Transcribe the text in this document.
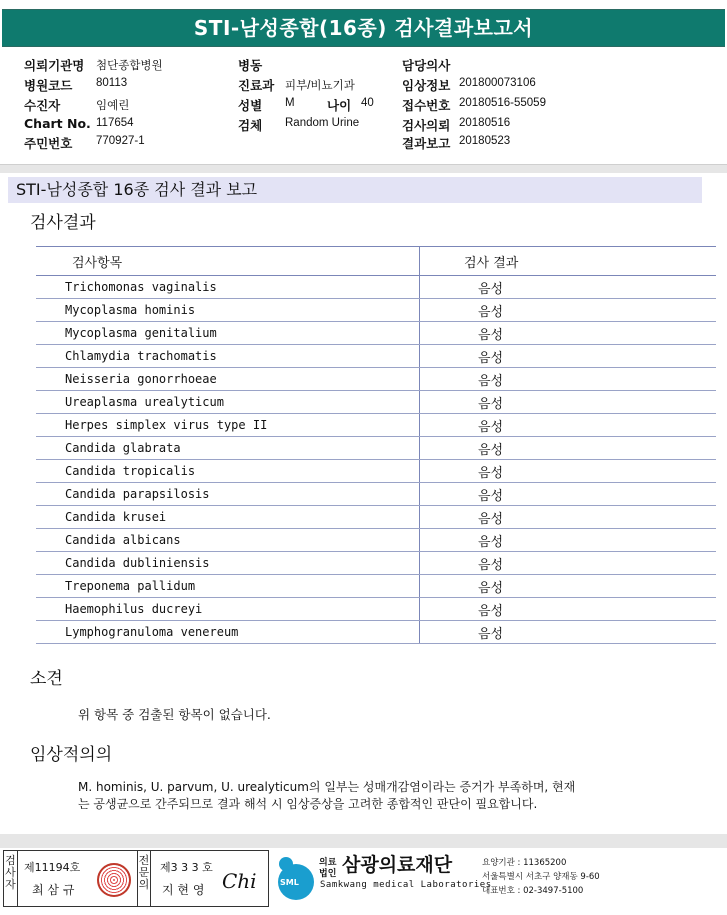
STI-남성종합(16종) 검사결과보고서
의뢰기관명 첨단종합병원
병원코드 80113
수진자	임예린
Chart No. 117654
주민번호 770927-1
병동
진료과 피부/비뇨기과
성별 M	나이 40
검체 Random Urine
담당의사
임상정보 201800073106
접수번호 20180516-55059
검사의뢰 20180516
결과보고 20180523
STI-남성종합 16종 검사 결과 보고
검사결과
검사항목	검사 결과
Trichomonas vaginalis	음성
Mycoplasma hominis	음성
Mycoplasma genitalium	음성
Chlamydia trachomatis	음성
Neisseria gonorrhoeae	음성
Ureaplasma urealyticum	음성
Herpes simplex virus type II	음성
Candida glabrata	음성
Candida tropicalis	음성
Candida parapsilosis	음성
Candida krusei	음성
Candida albicans	음성
Candida dubliniensis	음성
Treponema pallidum	음성
Haemophilus ducreyi	음성
Lymphogranuloma venereum	음성
소견
위 항목 중 검출된 항목이 없습니다.
임상적의의
M. hominis, U. parvum, U. urealyticum의 일부는 성매개감염이라는 증거가 부족하며, 현재
는 공생균으로 간주되므로 결과 해석 시 임상증상을 고려한 종합적인 판단이 필요합니다.
검사자
제11194호
최 삼 규
전문의
제3 3 3 호
지 현 영 Chi	SML
의료
법인 삼광의료재단
Samkwang medical Laboratories
요양기관 : 11365200
서울특별시 서초구 양재동 9-60
대표번호 : 02-3497-5100
